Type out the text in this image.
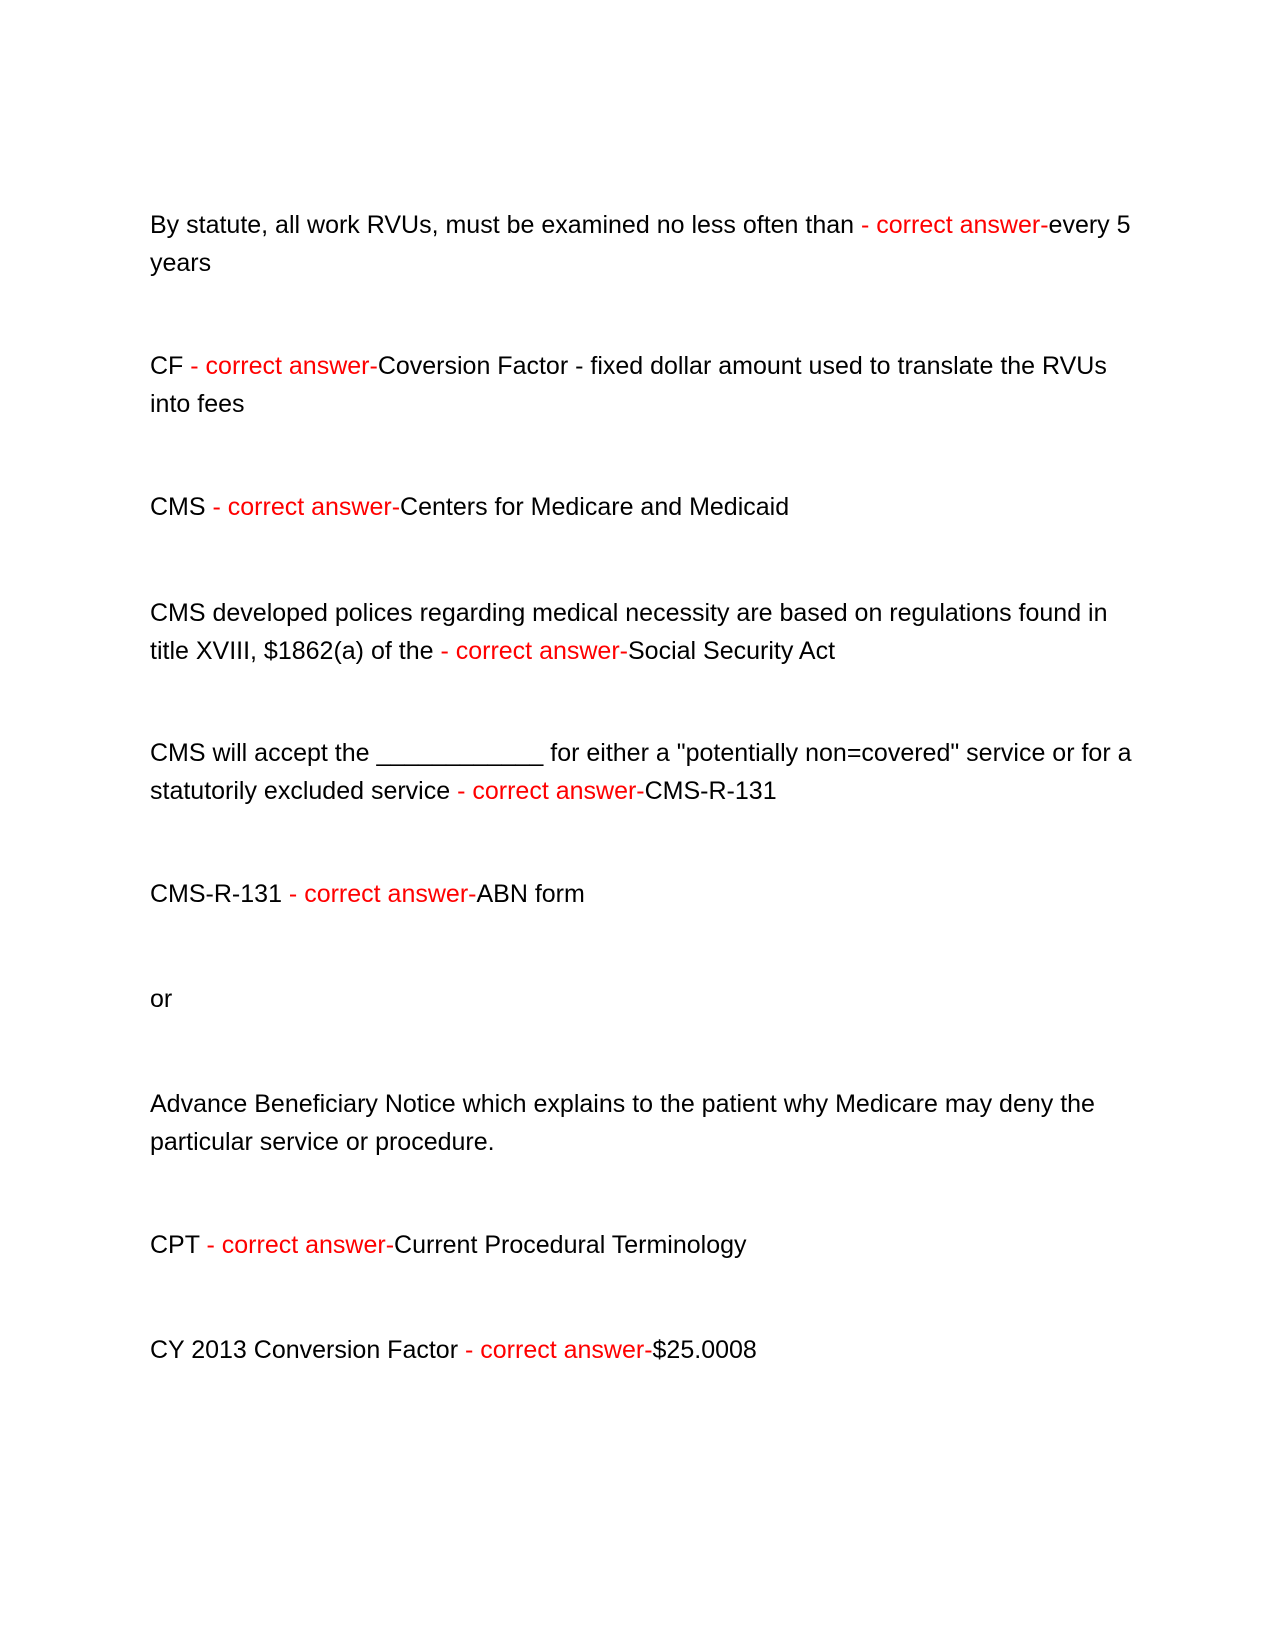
By statute, all work RVUs, must be examined no less often than - correct answer-every 5 years

CF - correct answer-Coversion Factor - fixed dollar amount used to translate the RVUs into fees

CMS - correct answer-Centers for Medicare and Medicaid

CMS developed polices regarding medical necessity are based on regulations found in title XVIII, $1862(a) of the - correct answer-Social Security Act

CMS will accept the ____________ for either a "potentially non=covered" service or for a statutorily excluded service - correct answer-CMS-R-131

CMS-R-131 - correct answer-ABN form

or

Advance Beneficiary Notice which explains to the patient why Medicare may deny the particular service or procedure.

CPT - correct answer-Current Procedural Terminology

CY 2013 Conversion Factor - correct answer-$25.0008
